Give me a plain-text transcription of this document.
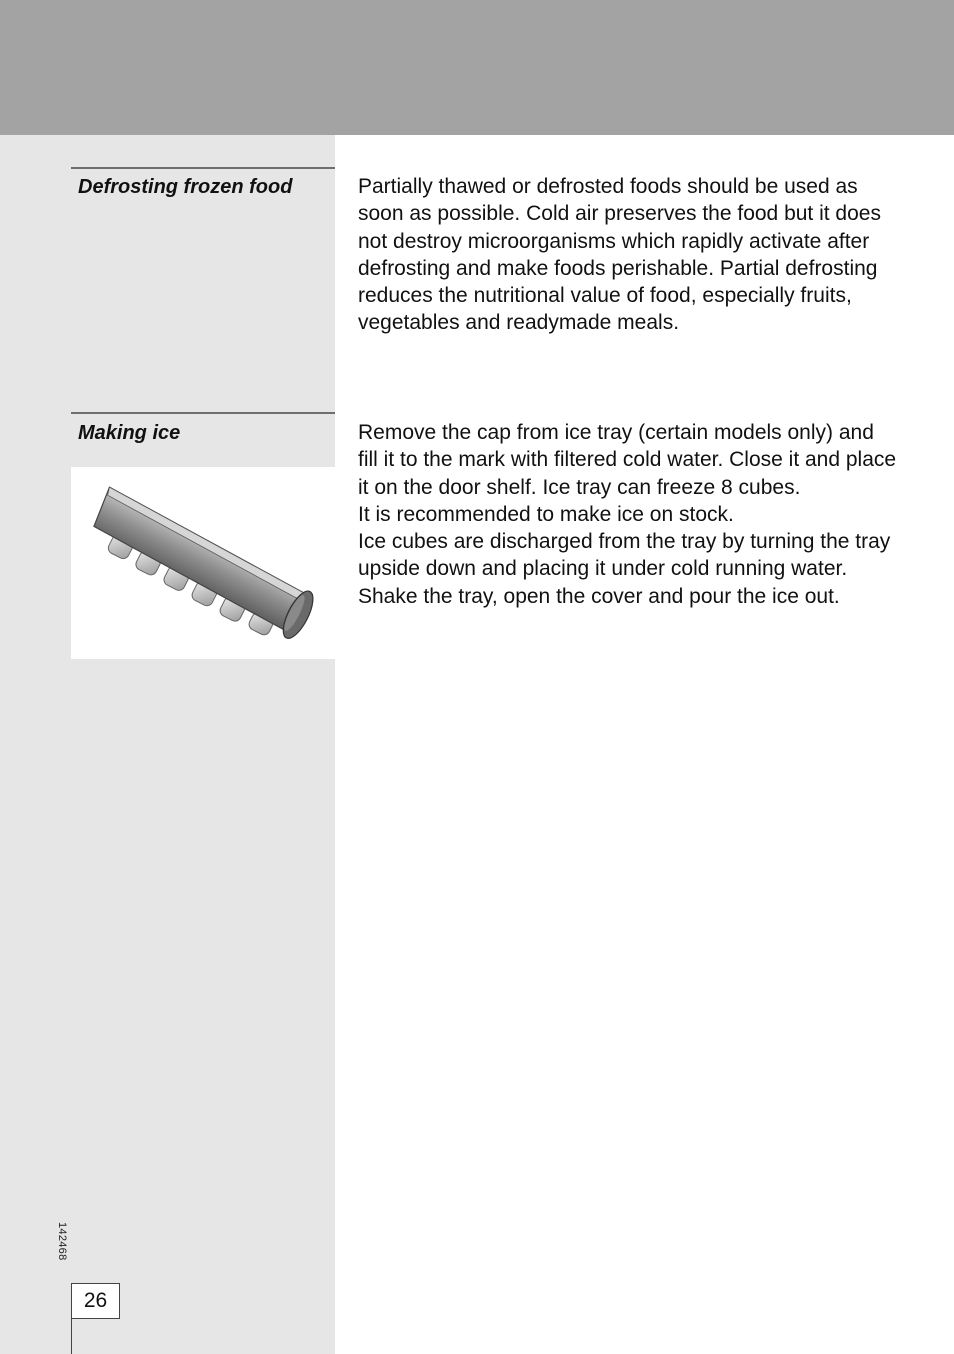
Defrosting frozen food	Partially thawed or defrosted foods should be used as soon as possible. Cold air preserves the food but it does not destroy microorganisms which rapidly activate after defrosting and make foods perishable. Partial defrosting reduces the nutritional value of food, especially fruits, vegetables and readymade meals.

Making ice	Remove the cap from ice tray (certain models only) and fill it to the mark with filtered cold water. Close it and place it on the door shelf. Ice tray can freeze 8 cubes.

It is recommended to make ice on stock.

Ice cubes are discharged from the tray by turning the tray upside down and placing it under cold running water. Shake the tray, open the cover and pour the ice out.

142468
26
